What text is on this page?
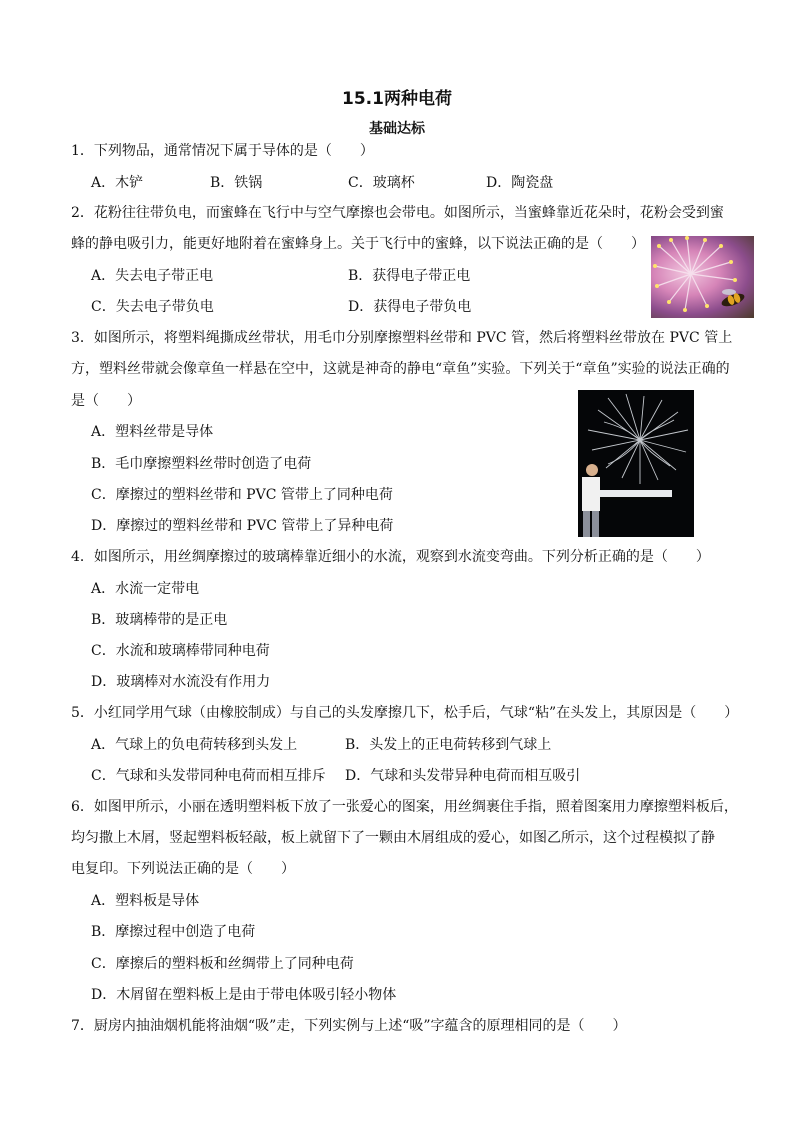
15.1两种电荷
基础达标
1．下列物品，通常情况下属于导体的是（　　）
A．木铲	B．铁锅	C．玻璃杯	D．陶瓷盘
2．花粉往往带负电，而蜜蜂在飞行中与空气摩擦也会带电。如图所示，当蜜蜂靠近花朵时，花粉会受到蜜
蜂的静电吸引力，能更好地附着在蜜蜂身上。关于飞行中的蜜蜂，以下说法正确的是（　　）
A．失去电子带正电	B．获得电子带正电
C．失去电子带负电	D．获得电子带负电
3．如图所示，将塑料绳撕成丝带状，用毛巾分别摩擦塑料丝带和 PVC 管，然后将塑料丝带放在 PVC 管上
方，塑料丝带就会像章鱼一样悬在空中，这就是神奇的静电“章鱼”实验。下列关于“章鱼”实验的说法正确的
是（　　）
A．塑料丝带是导体
B．毛巾摩擦塑料丝带时创造了电荷
C．摩擦过的塑料丝带和 PVC 管带上了同种电荷
D．摩擦过的塑料丝带和 PVC 管带上了异种电荷
4．如图所示，用丝绸摩擦过的玻璃棒靠近细小的水流，观察到水流变弯曲。下列分析正确的是（　　）
A．水流一定带电
B．玻璃棒带的是正电
C．水流和玻璃棒带同种电荷
D．玻璃棒对水流没有作用力
5．小红同学用气球（由橡胶制成）与自己的头发摩擦几下，松手后，气球“粘”在头发上，其原因是（　　）
A．气球上的负电荷转移到头发上	B．头发上的正电荷转移到气球上
C．气球和头发带同种电荷而相互排斥 D．气球和头发带异种电荷而相互吸引
6．如图甲所示，小丽在透明塑料板下放了一张爱心的图案，用丝绸裹住手指，照着图案用力摩擦塑料板后，
均匀撒上木屑，竖起塑料板轻敲，板上就留下了一颗由木屑组成的爱心，如图乙所示，这个过程模拟了静
电复印。下列说法正确的是（　　）
A．塑料板是导体
B．摩擦过程中创造了电荷
C．摩擦后的塑料板和丝绸带上了同种电荷
D．木屑留在塑料板上是由于带电体吸引轻小物体
7．厨房内抽油烟机能将油烟“吸”走，下列实例与上述“吸”字蕴含的原理相同的是（　　）
